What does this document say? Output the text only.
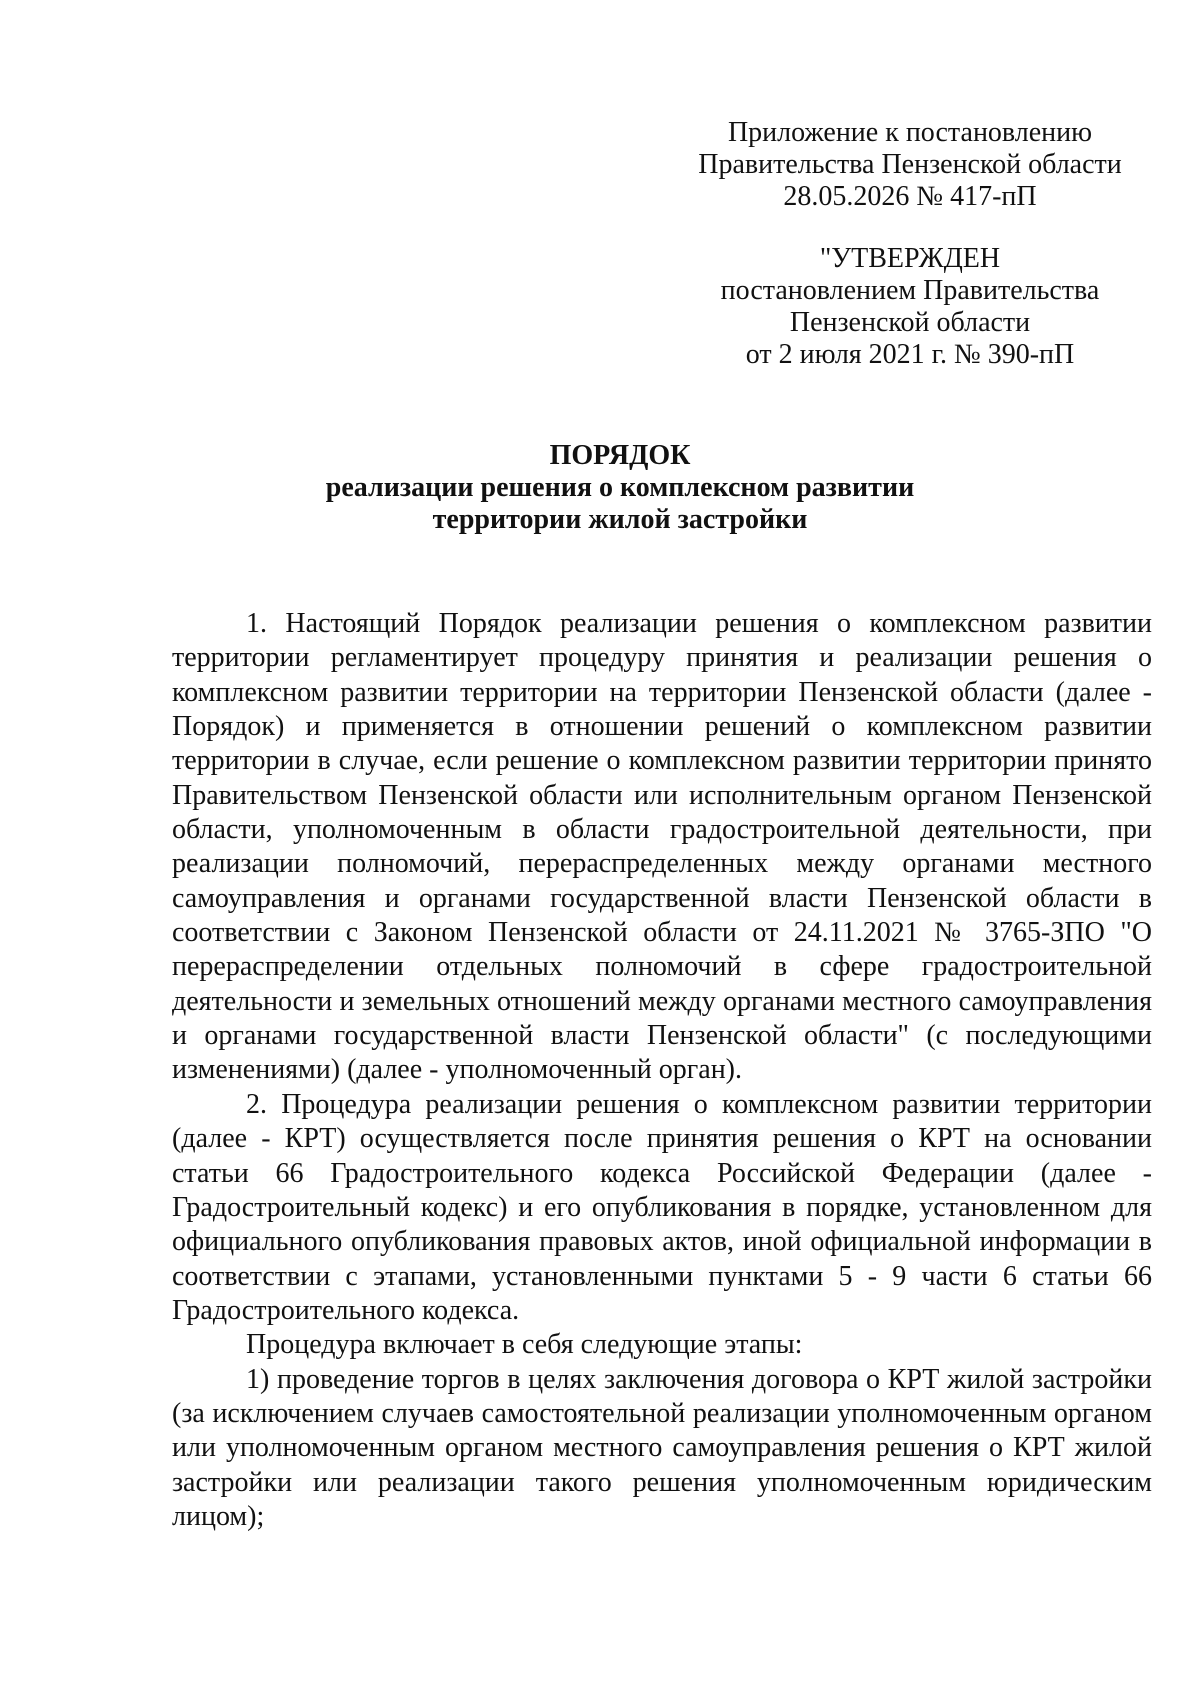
Приложение к постановлению
Правительства Пензенской области
28.05.2026 № 417-пП
"УТВЕРЖДЕН
постановлением Правительства
Пензенской области
от 2 июля 2021 г. № 390-пП
ПОРЯДОК
реализации решения о комплексном развитии
территории жилой застройки

1. Настоящий Порядок реализации решения о комплексном развитии территории регламентирует процедуру принятия и реализации решения о комплексном развитии территории на территории Пензенской области (далее - Порядок) и применяется в отношении решений о комплексном развитии территории в случае, если решение о комплексном развитии территории принято Правительством Пензенской области или исполнительным органом Пензенской области, уполномоченным в области градостроительной деятельности, при реализации полномочий, перераспределенных между органами местного самоуправления и органами государственной власти Пензенской области в соответствии с Законом Пензенской области от 24.11.2021 № 3765-ЗПО "О перераспределении отдельных полномочий в сфере градостроительной деятельности и земельных отношений между органами местного самоуправления и органами государственной власти Пензенской области" (с последующими изменениями) (далее - уполномоченный орган).

2. Процедура реализации решения о комплексном развитии территории (далее - КРТ) осуществляется после принятия решения о КРТ на основании статьи 66 Градостроительного кодекса Российской Федерации (далее - Градостроительный кодекс) и его опубликования в порядке, установленном для официального опубликования правовых актов, иной официальной информации в соответствии с этапами, установленными пунктами 5 - 9 части 6 статьи 66 Градостроительного кодекса.

Процедура включает в себя следующие этапы:

1) проведение торгов в целях заключения договора о КРТ жилой застройки (за исключением случаев самостоятельной реализации уполномоченным органом или уполномоченным органом местного самоуправления решения о КРТ жилой застройки или реализации такого решения уполномоченным юридическим лицом);
